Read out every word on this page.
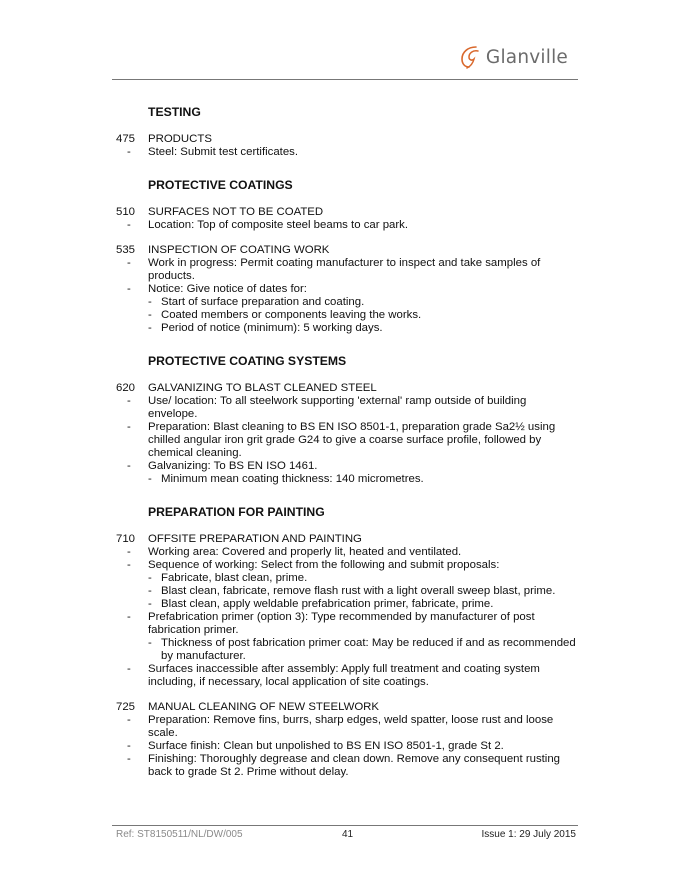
Glanville
TESTING
475 PRODUCTS
- Steel: Submit test certificates.
PROTECTIVE COATINGS
510 SURFACES NOT TO BE COATED
- Location: Top of composite steel beams to car park.
535 INSPECTION OF COATING WORK
- Work in progress: Permit coating manufacturer to inspect and take samples of products.
- Notice: Give notice of dates for:
- Start of surface preparation and coating.
- Coated members or components leaving the works.
- Period of notice (minimum): 5 working days.
PROTECTIVE COATING SYSTEMS
620 GALVANIZING TO BLAST CLEANED STEEL
- Use/ location: To all steelwork supporting 'external' ramp outside of building envelope.
- Preparation: Blast cleaning to BS EN ISO 8501-1, preparation grade Sa2½ using chilled angular iron grit grade G24 to give a coarse surface profile, followed by chemical cleaning.
- Galvanizing: To BS EN ISO 1461.
- Minimum mean coating thickness: 140 micrometres.
PREPARATION FOR PAINTING
710 OFFSITE PREPARATION AND PAINTING
- Working area: Covered and properly lit, heated and ventilated.
- Sequence of working: Select from the following and submit proposals:
- Fabricate, blast clean, prime.
- Blast clean, fabricate, remove flash rust with a light overall sweep blast, prime.
- Blast clean, apply weldable prefabrication primer, fabricate, prime.
- Prefabrication primer (option 3): Type recommended by manufacturer of post fabrication primer.
- Thickness of post fabrication primer coat: May be reduced if and as recommended by manufacturer.
- Surfaces inaccessible after assembly: Apply full treatment and coating system including, if necessary, local application of site coatings.
725 MANUAL CLEANING OF NEW STEELWORK
- Preparation: Remove fins, burrs, sharp edges, weld spatter, loose rust and loose scale.
- Surface finish: Clean but unpolished to BS EN ISO 8501-1, grade St 2.
- Finishing: Thoroughly degrease and clean down. Remove any consequent rusting back to grade St 2. Prime without delay.
Ref: ST8150511/NL/DW/005	41	Issue 1: 29 July 2015
